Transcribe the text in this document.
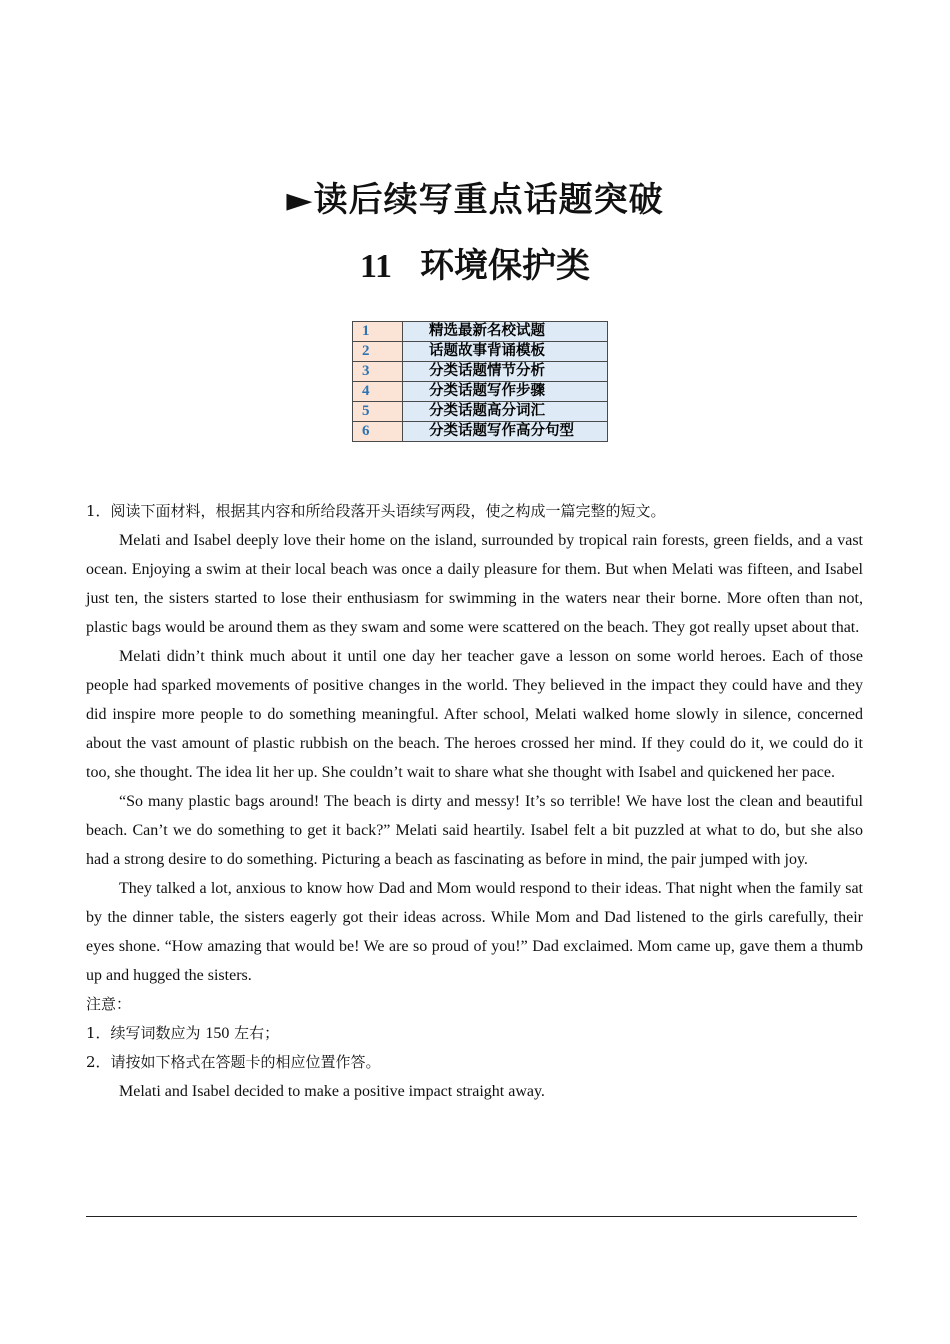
►读后续写重点话题突破
11 环境保护类
1	精选最新名校试题
2	话题故事背诵模板
3	分类话题情节分析
4	分类话题写作步骤
5	分类话题高分词汇
6	分类话题写作高分句型

1．阅读下面材料，根据其内容和所给段落开头语续写两段，使之构成一篇完整的短文。

Melati and Isabel deeply love their home on the island, surrounded by tropical rain forests, green fields, and a vast ocean. Enjoying a swim at their local beach was once a daily pleasure for them. But when Melati was fifteen, and Isabel just ten, the sisters started to lose their enthusiasm for swimming in the waters near their borne. More often than not, plastic bags would be around them as they swam and some were scattered on the beach. They got really upset about that.

Melati didn’t think much about it until one day her teacher gave a lesson on some world heroes. Each of those people had sparked movements of positive changes in the world. They believed in the impact they could have and they did inspire more people to do something meaningful. After school, Melati walked home slowly in silence, concerned about the vast amount of plastic rubbish on the beach. The heroes crossed her mind. If they could do it, we could do it too, she thought. The idea lit her up. She couldn’t wait to share what she thought with Isabel and quickened her pace.

“So many plastic bags around! The beach is dirty and messy! It’s so terrible! We have lost the clean and beautiful beach. Can’t we do something to get it back?” Melati said heartily. Isabel felt a bit puzzled at what to do, but she also had a strong desire to do something. Picturing a beach as fascinating as before in mind, the pair jumped with joy.

They talked a lot, anxious to know how Dad and Mom would respond to their ideas. That night when the family sat by the dinner table, the sisters eagerly got their ideas across. While Mom and Dad listened to the girls carefully, their eyes shone. “How amazing that would be! We are so proud of you!” Dad exclaimed. Mom came up, gave them a thumb up and hugged the sisters.

注意：

1．续写词数应为 150 左右；

2．请按如下格式在答题卡的相应位置作答。

Melati and Isabel decided to make a positive impact straight away.
